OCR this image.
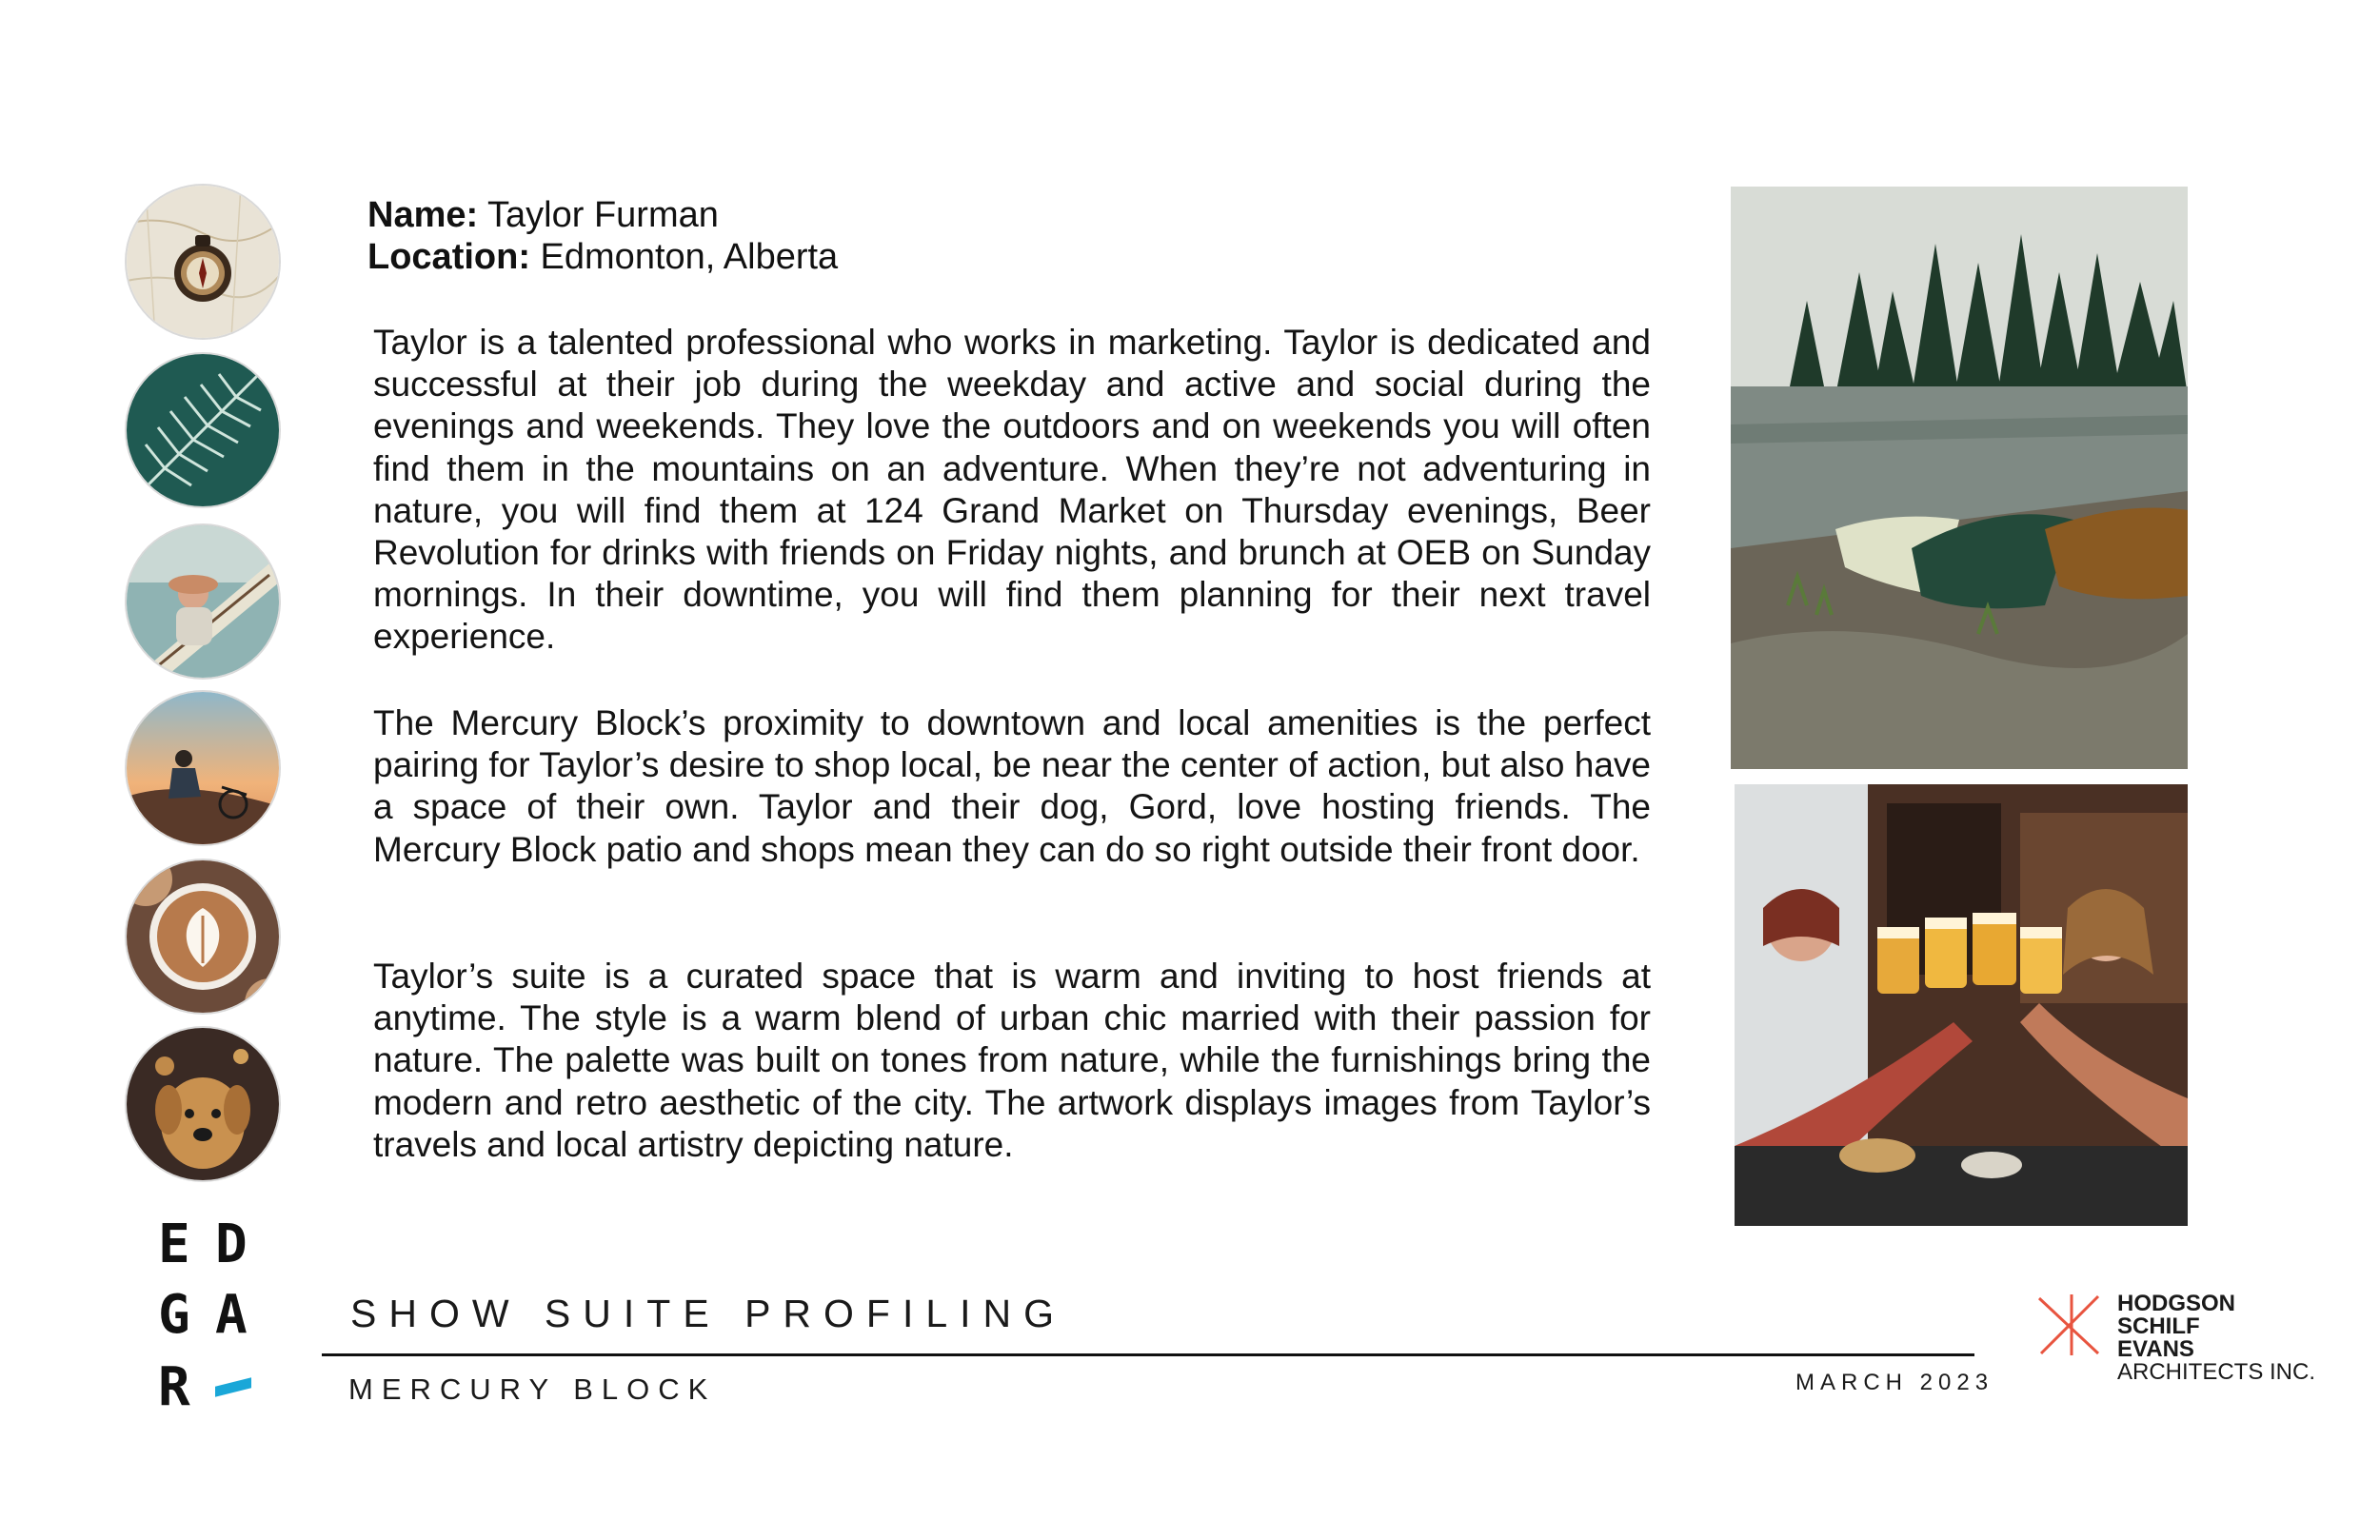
Name: Taylor Furman
Location: Edmonton, Alberta
Taylor is a talented professional who works in marketing. Taylor is dedicated and successful at their job during the weekday and active and social during the evenings and weekends. They love the outdoors and on weekends you will often find them in the mountains on an adventure. When they’re not adventuring in nature, you will find them at 124 Grand Market on Thursday evenings, Beer Revolution for drinks with friends on Friday nights, and brunch at OEB on Sunday mornings. In their downtime, you will find them planning for their next travel experience.
The Mercury Block’s proximity to downtown and local amenities is the perfect pairing for Taylor’s desire to shop local, be near the center of action, but also have a space of their own. Taylor and their dog, Gord, love hosting friends. The Mercury Block patio and shops mean they can do so right outside their front door.
Taylor’s suite is a curated space that is warm and inviting to host friends at anytime. The style is a warm blend of urban chic married with their passion for nature. The palette was built on tones from nature, while the furnishings bring the modern and retro aesthetic of the city. The artwork displays images from Taylor’s travels and local artistry depicting nature.
E D
G A
R
SHOW SUITE PROFILING
MERCURY BLOCK	MARCH 2023
HODGSON
SCHILF
EVANS
ARCHITECTS INC.
